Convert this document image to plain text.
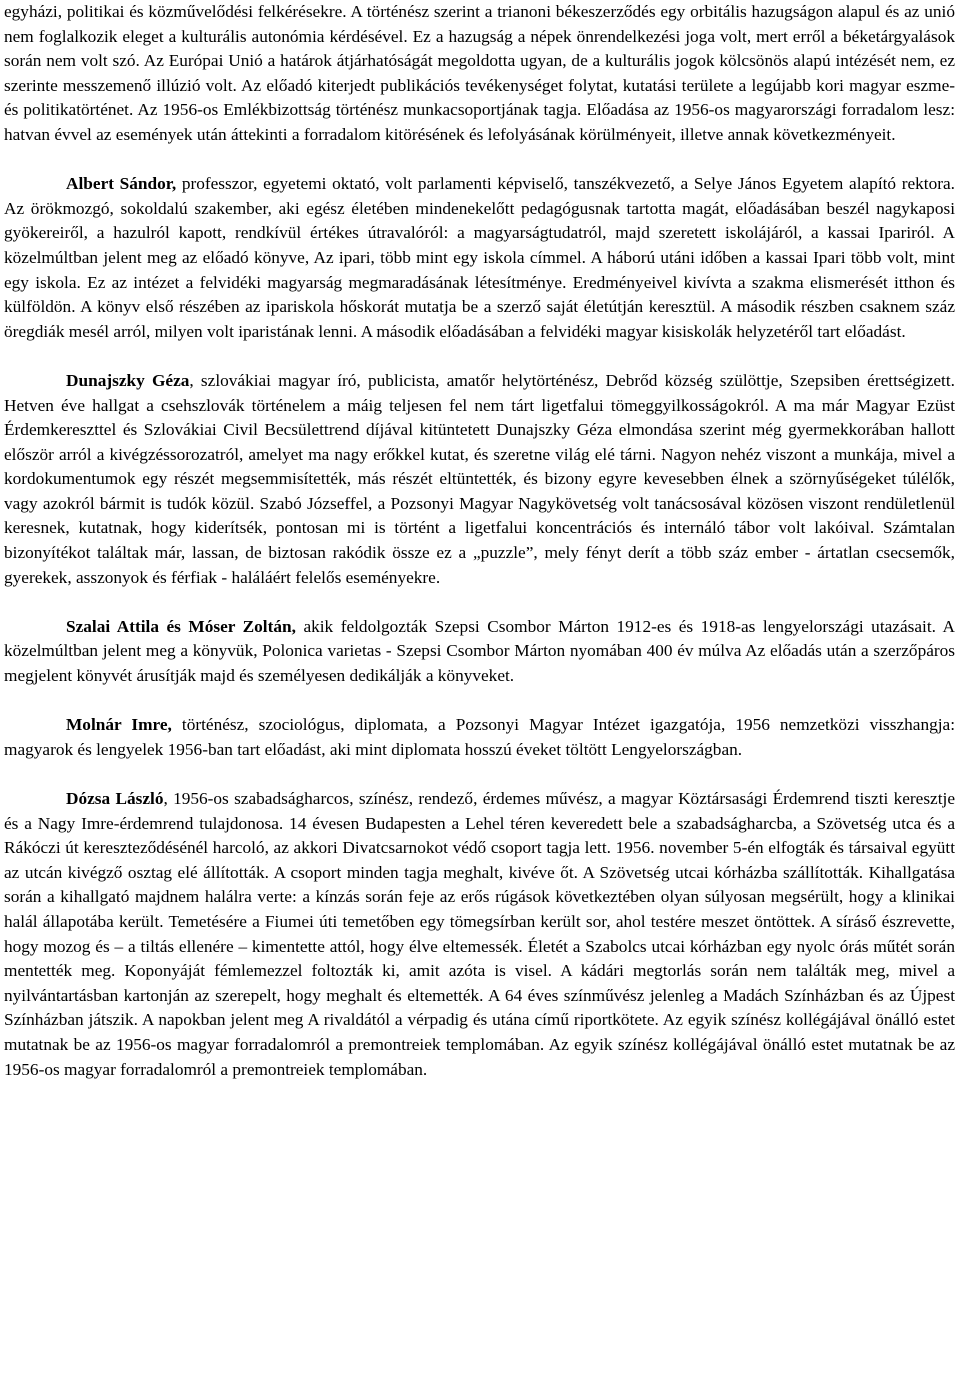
egyházi, politikai és közművelődési felkérésekre. A történész szerint a trianoni békeszerződés egy orbitális hazugságon alapul és az unió nem foglalkozik eleget a kulturális autonómia kérdésével. Ez a hazugság a népek önrendelkezési joga volt, mert erről a béketárgyalások során nem volt szó. Az Európai Unió a határok átjárhatóságát megoldotta ugyan, de a kulturális jogok kölcsönös alapú intézését nem, ez szerinte messzemenő illúzió volt. Az előadó kiterjedt publikációs tevékenységet folytat, kutatási területe a legújabb kori magyar eszme- és politikatörténet. Az 1956-os Emlékbizottság történész munkacsoportjának tagja. Előadása az 1956-os magyarországi forradalom lesz: hatvan évvel az események után áttekinti a forradalom kitörésének és lefolyásának körülményeit, illetve annak következményeit.

Albert Sándor, professzor, egyetemi oktató, volt parlamenti képviselő, tanszékvezető, a Selye János Egyetem alapító rektora. Az örökmozgó, sokoldalú szakember, aki egész életében mindenekelőtt pedagógusnak tartotta magát, előadásában beszél nagykaposi gyökereiről, a hazulról kapott, rendkívül értékes útravalóról: a magyarságtudatról, majd szeretett iskolájáról, a kassai Ipariról. A közelmúltban jelent meg az előadó könyve, Az ipari, több mint egy iskola címmel. A háború utáni időben a kassai Ipari több volt, mint egy iskola. Ez az intézet a felvidéki magyarság megmaradásának létesítménye. Eredményeivel kivívta a szakma elismerését itthon és külföldön. A könyv első részében az ipariskola hőskorát mutatja be a szerző saját életútján keresztül. A második részben csaknem száz öregdiák mesél arról, milyen volt iparistának lenni. A második előadásában a felvidéki magyar kisiskolák helyzetéről tart előadást.

Dunajszky Géza, szlovákiai magyar író, publicista, amatőr helytörténész, Debrőd község szülöttje, Szepsiben érettségizett. Hetven éve hallgat a csehszlovák történelem a máig teljesen fel nem tárt ligetfalui tömeggyilkosságokról. A ma már Magyar Ezüst Érdemkereszttel és Szlovákiai Civil Becsülettrend díjával kitüntetett Dunajszky Géza elmondása szerint még gyermekkorában hallott először arról a kivégzéssorozatról, amelyet ma nagy erőkkel kutat, és szeretne világ elé tárni. Nagyon nehéz viszont a munkája, mivel a kordokumentumok egy részét megsemmisítették, más részét eltüntették, és bizony egyre kevesebben élnek a szörnyűségeket túlélők, vagy azokról bármit is tudók közül. Szabó Józseffel, a Pozsonyi Magyar Nagykövetség volt tanácsosával közösen viszont rendületlenül keresnek, kutatnak, hogy kiderítsék, pontosan mi is történt a ligetfalui koncentrációs és internáló tábor volt lakóival. Számtalan bizonyítékot találtak már, lassan, de biztosan rakódik össze ez a „puzzle”, mely fényt derít a több száz ember - ártatlan csecsemők, gyerekek, asszonyok és férfiak - haláláért felelős eseményekre.

Szalai Attila és Móser Zoltán, akik feldolgozták Szepsi Csombor Márton 1912-es és 1918-as lengyelországi utazásait. A közelmúltban jelent meg a könyvük, Polonica varietas - Szepsi Csombor Márton nyomában 400 év múlva Az előadás után a szerzőpáros megjelent könyvét árusítják majd és személyesen dedikálják a könyveket.

Molnár Imre, történész, szociológus, diplomata, a Pozsonyi Magyar Intézet igazgatója, 1956 nemzetközi visszhangja: magyarok és lengyelek 1956-ban tart előadást, aki mint diplomata hosszú éveket töltött Lengyelországban.

Dózsa László, 1956-os szabadságharcos, színész, rendező, érdemes művész, a magyar Köztársasági Érdemrend tiszti keresztje és a Nagy Imre-érdemrend tulajdonosa. 14 évesen Budapesten a Lehel téren keveredett bele a szabadságharcba, a Szövetség utca és a Rákóczi út kereszteződésénél harcoló, az akkori Divatcsarnokot védő csoport tagja lett. 1956. november 5-én elfogták és társaival együtt az utcán kivégző osztag elé állították. A csoport minden tagja meghalt, kivéve őt. A Szövetség utcai kórházba szállították. Kihallgatása során a kihallgató majdnem halálra verte: a kínzás során feje az erős rúgások következtében olyan súlyosan megsérült, hogy a klinikai halál állapotába került. Temetésére a Fiumei úti temetőben egy tömegsírban került sor, ahol testére meszet öntöttek. A síráső észrevette, hogy mozog és – a tiltás ellenére – kimentette attól, hogy élve eltemessék. Életét a Szabolcs utcai kórházban egy nyolc órás műtét során mentették meg. Koponyáját fémlemezzel foltozták ki, amit azóta is visel. A kádári megtorlás során nem találták meg, mivel a nyilvántartásban kartonján az szerepelt, hogy meghalt és eltemették. A 64 éves színművész jelenleg a Madách Színházban és az Újpest Színházban játszik. A napokban jelent meg A rivaldától a vérpadig és utána című riportkötete. Az egyik színész kollégájával önálló estet mutatnak be az 1956-os magyar forradalomról a premontreiek templomában. Az egyik színész kollégájával önálló estet mutatnak be az 1956-os magyar forradalomról a premontreiek templomában.
